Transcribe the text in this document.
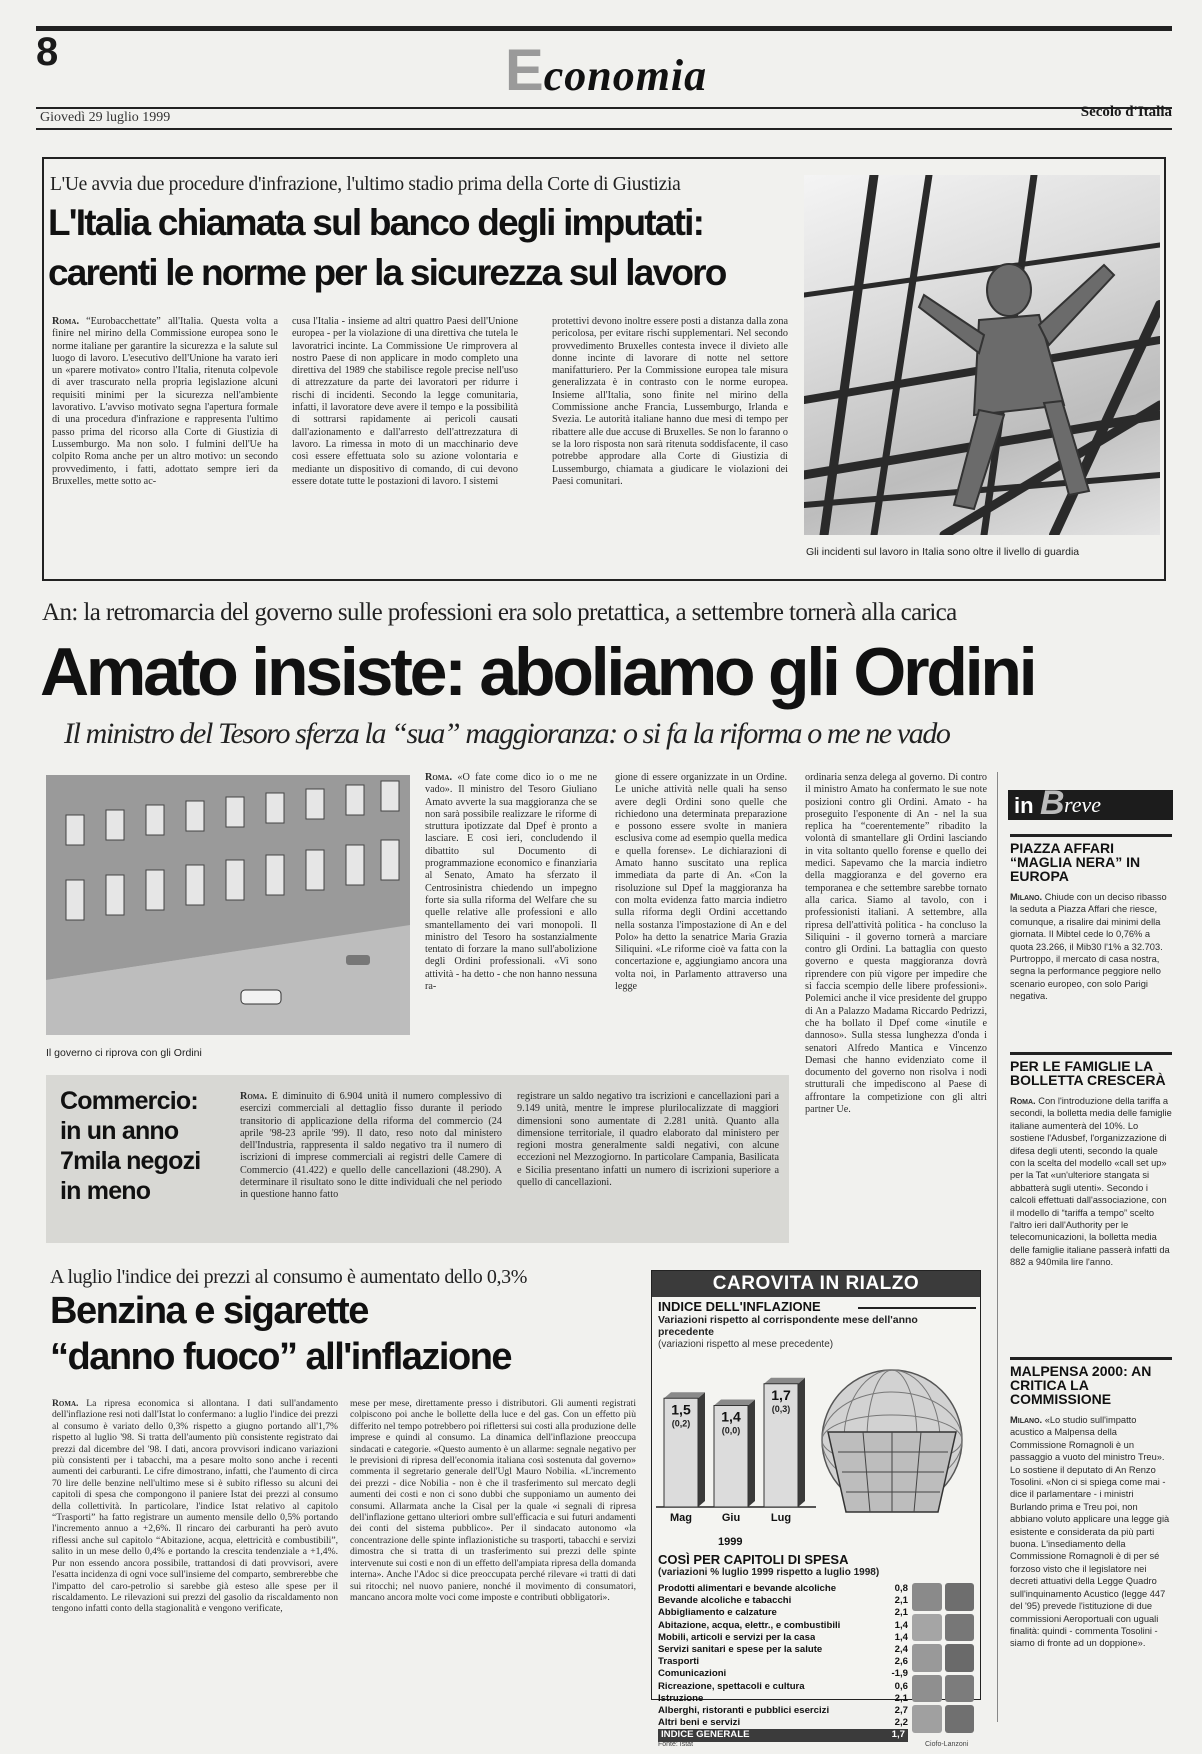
8	Economia
Giovedì 29 luglio 1999	Secolo d'Italia
L'Ue avvia due procedure d'infrazione, l'ultimo stadio prima della Corte di Giustizia
L'Italia chiamata sul banco degli imputati:
carenti le norme per la sicurezza sul lavoro

Roma. “Eurobacchettate” all'Italia. Questa volta a finire nel mirino della Commissione europea sono le norme italiane per garantire la sicurezza e la salute sul luogo di lavoro. L'esecutivo dell'Unione ha varato ieri un «parere motivato» contro l'Italia, ritenuta colpevole di aver trascurato nella propria legislazione alcuni requisiti minimi per la sicurezza nell'ambiente lavorativo. L'avviso motivato segna l'apertura formale di una procedura d'infrazione e rappresenta l'ultimo passo prima del ricorso alla Corte di Giustizia di Lussemburgo. Ma non solo. I fulmini dell'Ue ha colpito Roma anche per un altro motivo: un secondo provvedimento, i fatti, adottato sempre ieri da Bruxelles, mette sotto ac-

cusa l'Italia - insieme ad altri quattro Paesi dell'Unione europea - per la violazione di una direttiva che tutela le lavoratrici incinte. La Commissione Ue rimprovera al nostro Paese di non applicare in modo completo una direttiva del 1989 che stabilisce regole precise nell'uso di attrezzature da parte dei lavoratori per ridurre i rischi di incidenti. Secondo la legge comunitaria, infatti, il lavoratore deve avere il tempo e la possibilità di sottrarsi rapidamente ai pericoli causati dall'azionamento e dall'arresto dell'attrezzatura di lavoro. La rimessa in moto di un macchinario deve così essere effettuata solo su azione volontaria e mediante un dispositivo di comando, di cui devono essere dotate tutte le postazioni di lavoro. I sistemi

protettivi devono inoltre essere posti a distanza dalla zona pericolosa, per evitare rischi supplementari. Nel secondo provvedimento Bruxelles contesta invece il divieto alle donne incinte di lavorare di notte nel settore manifatturiero. Per la Commissione europea tale misura generalizzata è in contrasto con le norme europea. Insieme all'Italia, sono finite nel mirino della Commissione anche Francia, Lussemburgo, Irlanda e Svezia. Le autorità italiane hanno due mesi di tempo per ribattere alle due accuse di Bruxelles. Se non lo faranno o se la loro risposta non sarà ritenuta soddisfacente, il caso potrebbe approdare alla Corte di Giustizia di Lussemburgo, chiamata a giudicare le violazioni dei Paesi comunitari.

Gli incidenti sul lavoro in Italia sono oltre il livello di guardia
An: la retromarcia del governo sulle professioni era solo pretattica, a settembre tornerà alla carica
Amato insiste: aboliamo gli Ordini
Il ministro del Tesoro sferza la “sua” maggioranza: o si fa la riforma o me ne vado
Il governo ci riprova con gli Ordini

Roma. «O fate come dico io o me ne vado». Il ministro del Tesoro Giuliano Amato avverte la sua maggioranza che se non sarà possibile realizzare le riforme di struttura ipotizzate dal Dpef è pronto a lasciare. E così ieri, concludendo il dibattito sul Documento di programmazione economico e finanziaria al Senato, Amato ha sferzato il Centrosinistra chiedendo un impegno forte sia sulla riforma del Welfare che su quelle relative alle professioni e allo smantellamento dei vari monopoli. Il ministro del Tesoro ha sostanzialmente tentato di forzare la mano sull'abolizione degli Ordini professionali. «Vi sono attività - ha detto - che non hanno nessuna ra-

gione di essere organizzate in un Ordine. Le uniche attività nelle quali ha senso avere degli Ordini sono quelle che richiedono una determinata preparazione e possono essere svolte in maniera esclusiva come ad esempio quella medica e quella forense». Le dichiarazioni di Amato hanno suscitato una replica immediata da parte di An. «Con la risoluzione sul Dpef la maggioranza ha con molta evidenza fatto marcia indietro sulla riforma degli Ordini accettando nella sostanza l'impostazione di An e del Polo» ha detto la senatrice Maria Grazia Siliquini. «Le riforme cioè va fatta con la concertazione e, aggiungiamo ancora una volta noi, in Parlamento attraverso una legge

ordinaria senza delega al governo. Di contro il ministro Amato ha confermato le sue note posizioni contro gli Ordini. Amato - ha proseguito l'esponente di An - nel la sua replica ha “coerentemente” ribadito la volontà di smantellare gli Ordini lasciando in vita soltanto quello forense e quello dei medici. Sapevamo che la marcia indietro della maggioranza e del governo era temporanea e che settembre sarebbe tornato alla carica. Siamo al tavolo, con i professionisti italiani. A settembre, alla ripresa dell'attività politica - ha concluso la Siliquini - il governo tornerà a marciare contro gli Ordini. La battaglia con questo governo e questa maggioranza dovrà riprendere con più vigore per impedire che si faccia scempio delle libere professioni». Polemici anche il vice presidente del gruppo di An a Palazzo Madama Riccardo Pedrizzi, che ha bollato il Dpef come «inutile e dannoso». Sulla stessa lunghezza d'onda i senatori Alfredo Mantica e Vincenzo Demasi che hanno evidenziato come il documento del governo non risolva i nodi strutturali che impediscono al Paese di affrontare la competizione con gli altri partner Ue.

Commercio:
in un anno
7mila negozi
in meno

Roma. È diminuito di 6.904 unità il numero complessivo di esercizi commerciali al dettaglio fisso durante il periodo transitorio di applicazione della riforma del commercio (24 aprile '98-23 aprile '99). Il dato, reso noto dal ministero dell'Industria, rappresenta il saldo negativo tra il numero di iscrizioni di imprese commerciali ai registri delle Camere di Commercio (41.422) e quello delle cancellazioni (48.290). A determinare il risultato sono le ditte individuali che nel periodo in questione hanno fatto

registrare un saldo negativo tra iscrizioni e cancellazioni pari a 9.149 unità, mentre le imprese plurilocalizzate di maggiori dimensioni sono aumentate di 2.281 unità. Quanto alla dimensione territoriale, il quadro elaborato dal ministero per regioni mostra generalmente saldi negativi, con alcune eccezioni nel Mezzogiorno. In particolare Campania, Basilicata e Sicilia presentano infatti un numero di iscrizioni superiore a quello di cancellazioni.

A luglio l'indice dei prezzi al consumo è aumentato dello 0,3%
Benzina e sigarette
“danno fuoco” all'inflazione

Roma. La ripresa economica si allontana. I dati sull'andamento dell'inflazione resi noti dall'Istat lo confermano: a luglio l'indice dei prezzi al consumo è variato dello 0,3% rispetto a giugno portando all'1,7% rispetto al luglio '98. Si tratta dell'aumento più consistente registrato dai prezzi dal dicembre del '98. I dati, ancora provvisori indicano variazioni più consistenti per i tabacchi, ma a pesare molto sono anche i recenti aumenti dei carburanti. Le cifre dimostrano, infatti, che l'aumento di circa 70 lire delle benzine nell'ultimo mese si è subito riflesso su alcuni dei capitoli di spesa che compongono il paniere Istat dei prezzi al consumo della collettività. In particolare, l'indice Istat relativo al capitolo “Trasporti” ha fatto registrare un aumento mensile dello 0,5% portando l'incremento annuo a +2,6%. Il rincaro dei carburanti ha però avuto riflessi anche sul capitolo “Abitazione, acqua, elettricità e combustibili”, salito in un mese dello 0,4% e portando la crescita tendenziale a +1,4%. Pur non essendo ancora possibile, trattandosi di dati provvisori, avere l'esatta incidenza di ogni voce sull'insieme del comparto, sembrerebbe che l'impatto del caro-petrolio si sarebbe già esteso alle spese per il riscaldamento. Le rilevazioni sui prezzi del gasolio da riscaldamento non tengono infatti conto della stagionalità e vengono verificate,

mese per mese, direttamente presso i distributori. Gli aumenti registrati colpiscono poi anche le bollette della luce e del gas. Con un effetto più differito nel tempo potrebbero poi riflettersi sui costi alla produzione delle imprese e quindi al consumo. La dinamica dell'inflazione preoccupa sindacati e categorie. «Questo aumento è un allarme: segnale negativo per le previsioni di ripresa dell'economia italiana così sostenuta dal governo» commenta il segretario generale dell'Ugl Mauro Nobilia. «L'incremento dei prezzi - dice Nobilia - non è che il trasferimento sul mercato degli aumenti dei costi e non ci sono dubbi che supponiamo un aumento dei consumi. Allarmata anche la Cisal per la quale «i segnali di ripresa dell'inflazione gettano ulteriori ombre sull'efficacia e sui futuri andamenti dei conti del sistema pubblico». Per il sindacato autonomo «la concentrazione delle spinte inflazionistiche su trasporti, tabacchi e servizi dimostra che si tratta di un trasferimento sui prezzi delle spinte intervenute sui costi e non di un effetto dell'ampiata ripresa della domanda interna». Anche l'Adoc si dice preoccupata perché rilevare «i tratti di dati sui ritocchi; nel nuovo paniere, nonché il movimento di consumatori, mancano ancora molte voci come imposte e contributi obbligatori».

CAROVITA IN RIALZO
INDICE DELL'INFLAZIONE
Variazioni rispetto al corrispondente mese dell'anno precedente
(variazioni rispetto al mese precedente)
1,5
(0,2)
Mag
1,4
(0,0)
Giu
1,7
(0,3)
Lug
1999
COSÌ PER CAPITOLI DI SPESA
(variazioni % luglio 1999 rispetto a luglio 1998)
Prodotti alimentari e bevande alcoliche	0,8
Bevande alcoliche e tabacchi	2,1
Abbigliamento e calzature	2,1
Abitazione, acqua, elettr., e combustibili	1,4
Mobili, articoli e servizi per la casa	1,4
Servizi sanitari e spese per la salute	2,4
Trasporti	2,6
Comunicazioni	-1,9
Ricreazione, spettacoli e cultura	0,6
Istruzione	2,1
Alberghi, ristoranti e pubblici esercizi	2,7
Altri beni e servizi	2,2
INDICE GENERALE	1,7
Fonte: Istat	Ciofo-Lanzoni
in B reve
PIAZZA AFFARI “MAGLIA NERA” IN EUROPA
Milano. Chiude con un deciso ribasso la seduta a Piazza Affari che riesce, comunque, a risalire dai minimi della giornata. Il Mibtel cede lo 0,76% a quota 23.266, il Mib30 l'1% a 32.703. Purtroppo, il mercato di casa nostra, segna la performance peggiore nello scenario europeo, con solo Parigi negativa.
PER LE FAMIGLIE LA BOLLETTA CRESCERÀ
Roma. Con l'introduzione della tariffa a secondi, la bolletta media delle famiglie italiane aumenterà del 10%. Lo sostiene l'Adusbef, l'organizzazione di difesa degli utenti, secondo la quale con la scelta del modello «call set up» per la Tat «un'ulteriore stangata si abbatterà sugli utenti». Secondo i calcoli effettuati dall'associazione, con il modello di “tariffa a tempo” scelto l'altro ieri dall'Authority per le telecomunicazioni, la bolletta media delle famiglie italiane passerà infatti da 882 a 940mila lire l'anno.
MALPENSA 2000: AN CRITICA LA COMMISSIONE
Milano. «Lo studio sull'impatto acustico a Malpensa della Commissione Romagnoli è un passaggio a vuoto del ministro Treu». Lo sostiene il deputato di An Renzo Tosolini. «Non ci si spiega come mai - dice il parlamentare - i ministri Burlando prima e Treu poi, non abbiano voluto applicare una legge già esistente e considerata da più parti buona. L'insediamento della Commissione Romagnoli è di per sé forzoso visto che il legislatore nei decreti attuativi della Legge Quadro sull'inquinamento Acustico (legge 447 del '95) prevede l'istituzione di due commissioni Aeroportuali con uguali finalità: quindi - commenta Tosolini - siamo di fronte ad un doppione».
